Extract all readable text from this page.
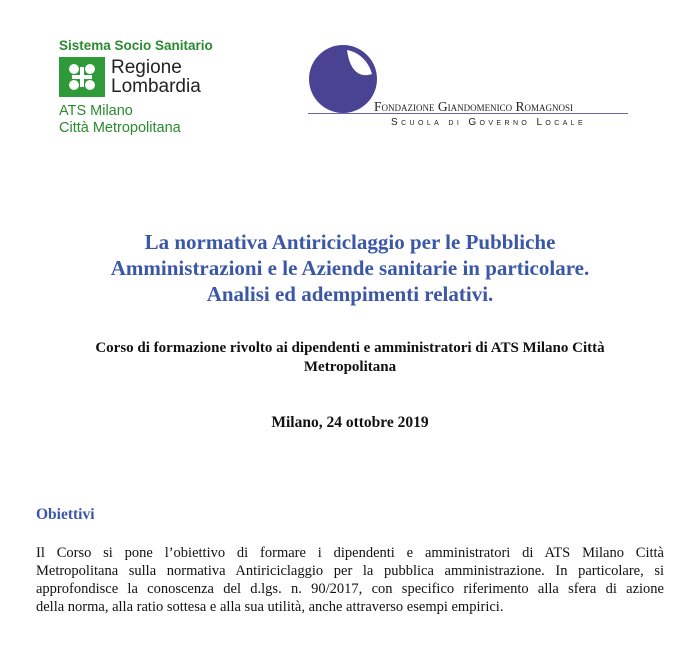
Sistema Socio Sanitario
Regione
Lombardia
ATS Milano
Città Metropolitana
Fondazione Giandomenico Romagnosi
Scuola di Governo Locale
La normativa Antiriciclaggio per le Pubbliche
Amministrazioni e le Aziende sanitarie in particolare.
Analisi ed adempimenti relativi.
Corso di formazione rivolto ai dipendenti e amministratori di ATS Milano Città
Metropolitana
Milano, 24 ottobre 2019
Obiettivi
Il Corso si pone l’obiettivo di formare i dipendenti e amministratori di ATS Milano Città
Metropolitana sulla normativa Antiriciclaggio per la pubblica amministrazione. In particolare, si
approfondisce la conoscenza del d.lgs. n. 90/2017, con specifico riferimento alla sfera di azione
della norma, alla ratio sottesa e alla sua utilità, anche attraverso esempi empirici.
